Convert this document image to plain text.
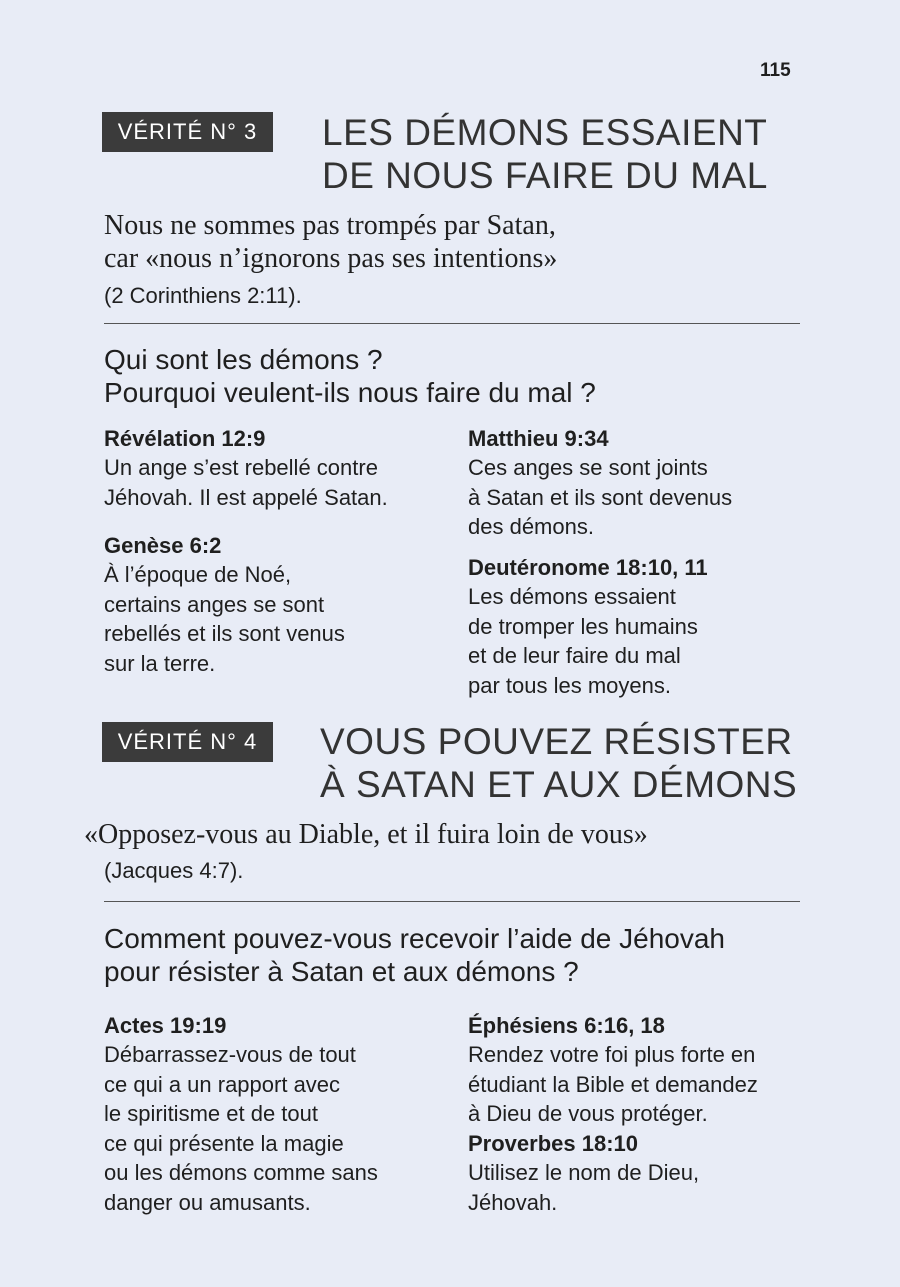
115
VÉRITÉ N° 3	LES DÉMONS ESSAIENT
DE NOUS FAIRE DU MAL
Nous ne sommes pas trompés par Satan,
car «nous n’ignorons pas ses intentions»
(2 Corinthiens 2:11).
Qui sont les démons ?
Pourquoi veulent-ils nous faire du mal ?
Révélation 12:9

Un ange s’est rebellé contre
Jéhovah. Il est appelé Satan.

Genèse 6:2

À l’époque de Noé,
certains anges se sont
rebellés et ils sont venus
sur la terre.

Matthieu 9:34

Ces anges se sont joints
à Satan et ils sont devenus
des démons.

Deutéronome 18:10, 11

Les démons essaient
de tromper les humains
et de leur faire du mal
par tous les moyens.

VÉRITÉ N° 4	VOUS POUVEZ RÉSISTER
À SATAN ET AUX DÉMONS
«Opposez-vous au Diable, et il fuira loin de vous»
(Jacques 4:7).
Comment pouvez-vous recevoir l’aide de Jéhovah
pour résister à Satan et aux démons ?
Actes 19:19

Débarrassez-vous de tout
ce qui a un rapport avec
le spiritisme et de tout
ce qui présente la magie
ou les démons comme sans
danger ou amusants.

Éphésiens 6:16, 18

Rendez votre foi plus forte en
étudiant la Bible et demandez
à Dieu de vous protéger.

Proverbes 18:10

Utilisez le nom de Dieu,
Jéhovah.
